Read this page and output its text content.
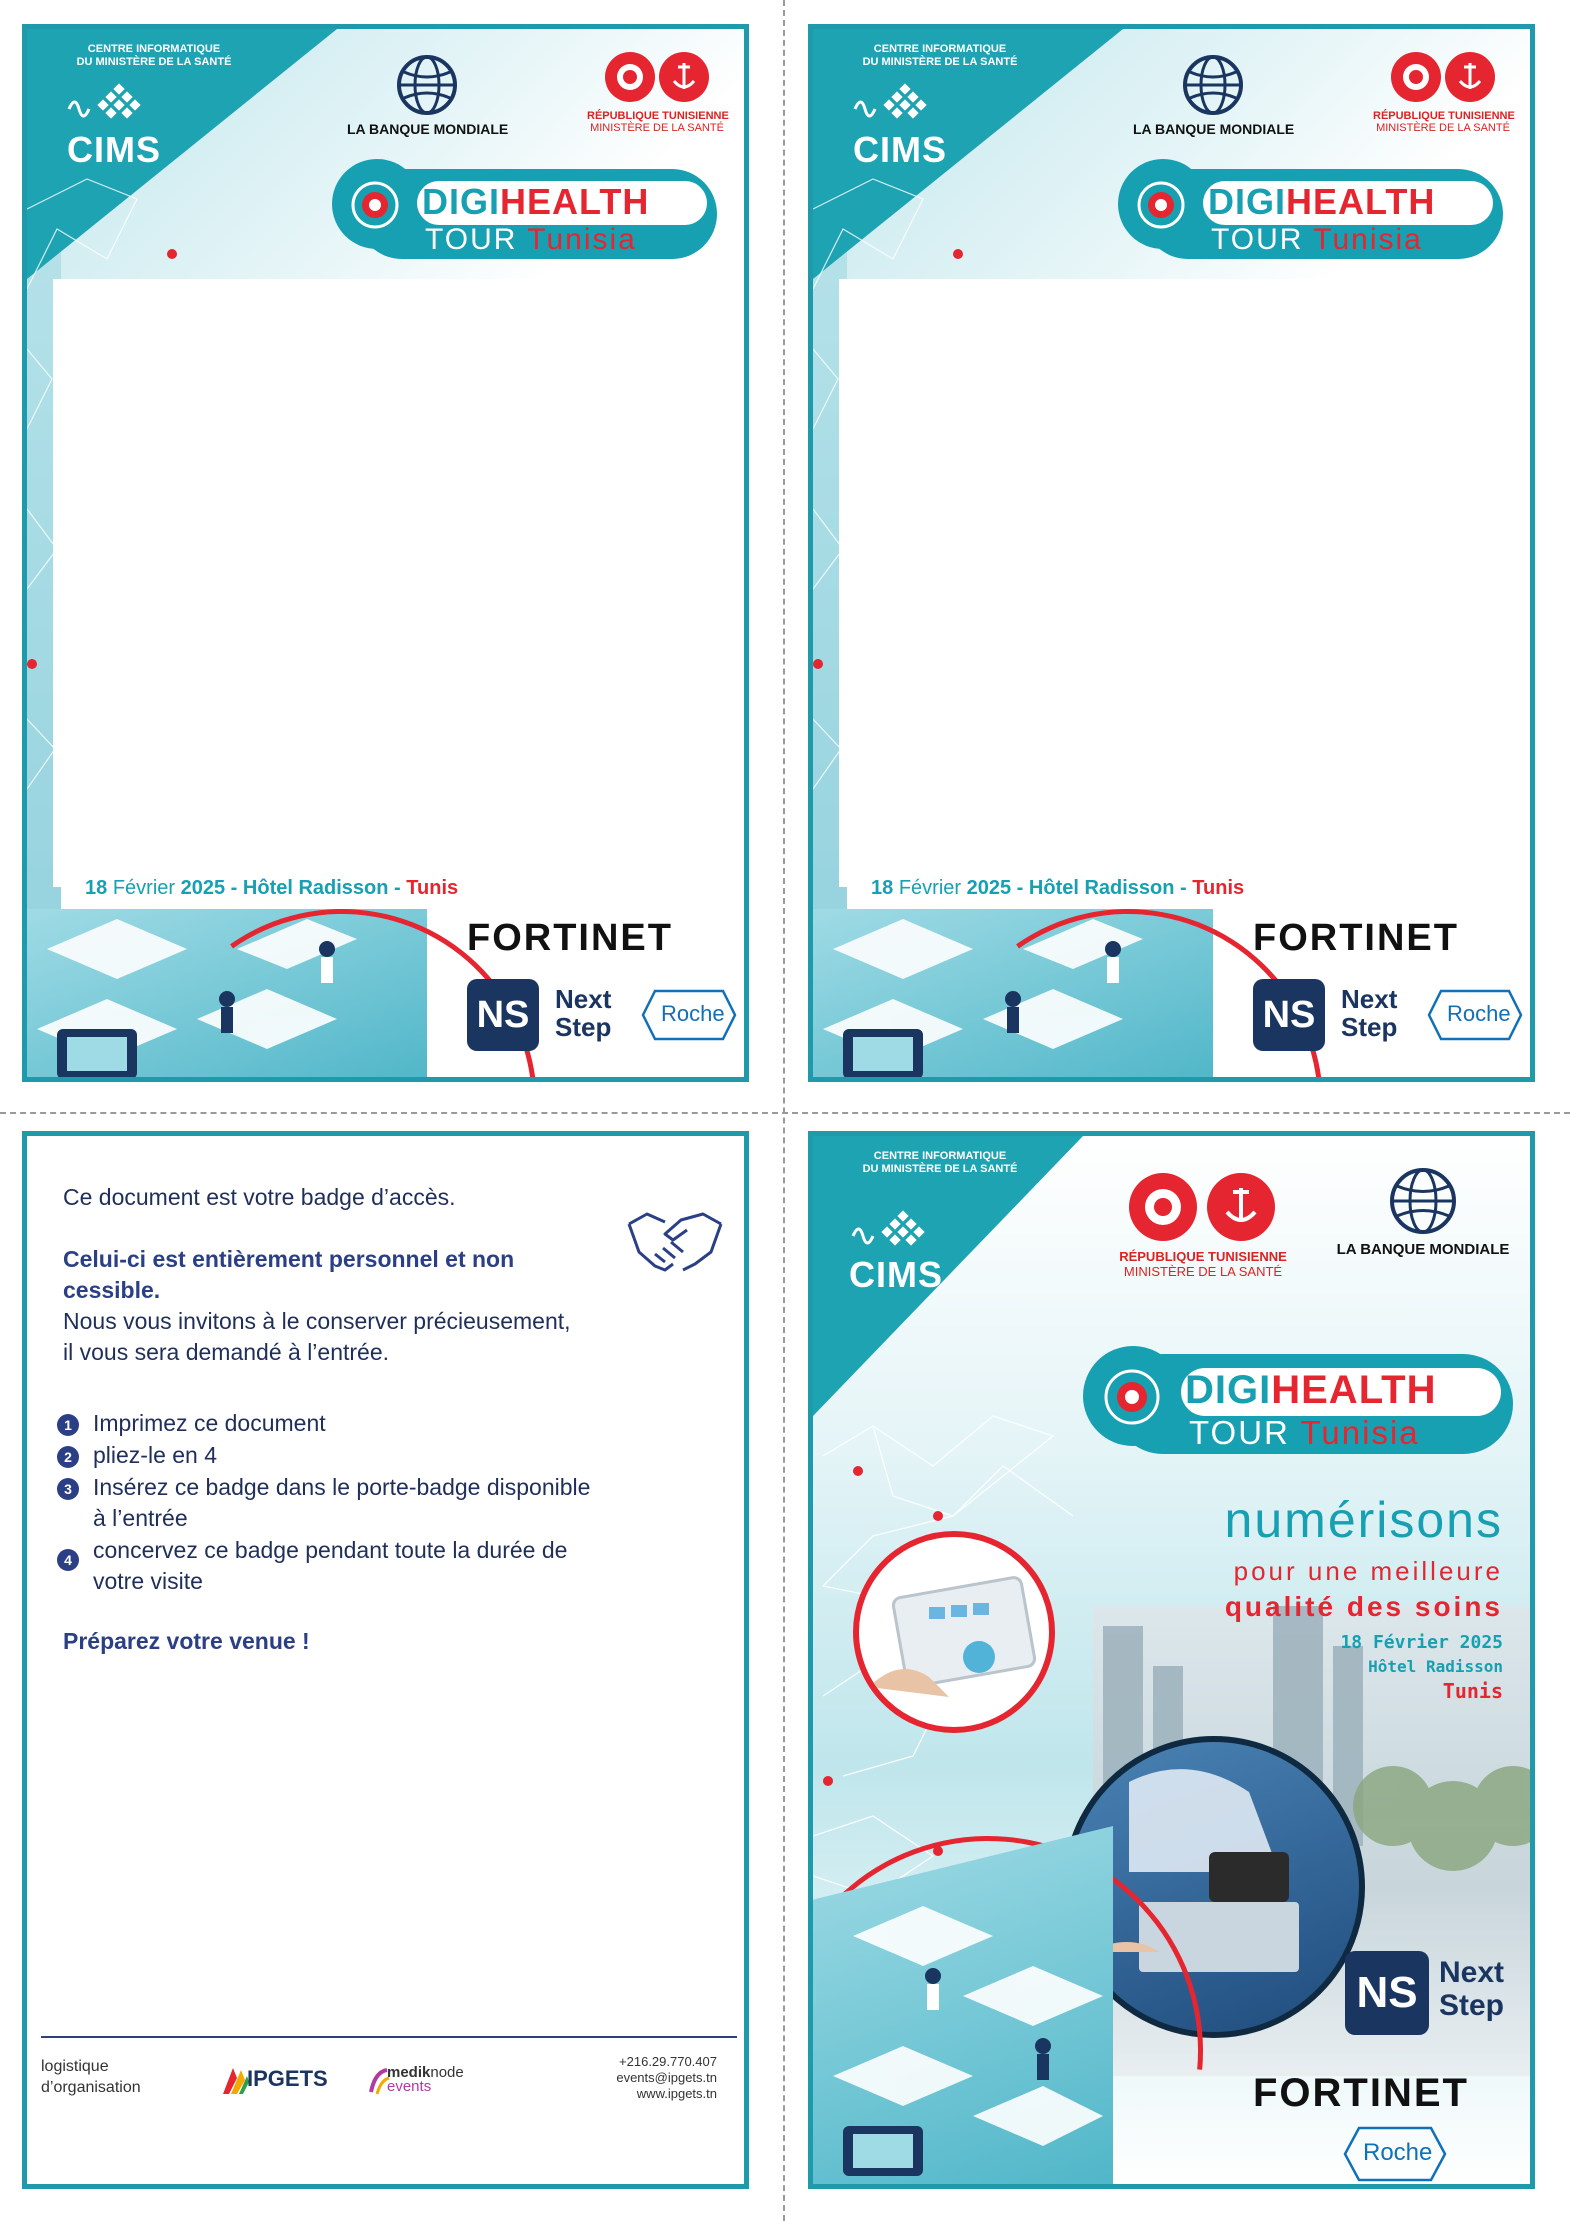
CENTRE INFORMATIQUE
DU MINISTÈRE DE LA SANTÉ
CIMS	LA BANQUE MONDIALE
RÉPUBLIQUE TUNISIENNE
MINISTÈRE DE LA SANTÉ
DIGIHEALTH
TOUR Tunisia
18 Février 2025 - Hôtel Radisson - Tunis
FORTINET
NS Next
Step Roche
CENTRE INFORMATIQUE
DU MINISTÈRE DE LA SANTÉ
CIMS	LA BANQUE MONDIALE
RÉPUBLIQUE TUNISIENNE
MINISTÈRE DE LA SANTÉ
DIGIHEALTH
TOUR Tunisia
18 Février 2025 - Hôtel Radisson - Tunis
FORTINET
NS Next
Step Roche
Ce document est votre badge d’accès.
Celui-ci est entièrement personnel et non
cessible.
Nous vous invitons à le conserver précieusement,
il vous sera demandé à l’entrée.
1 Imprimez ce document
2 pliez-le en 4
3 Insérez ce badge dans le porte-badge disponible
à l’entrée
4 concervez ce badge pendant toute la durée de
votre visite
Préparez votre venue !
logistique
d’organisation	IPGETS	mediknode
events
+216.29.770.407
events@ipgets.tn
www.ipgets.tn
CENTRE INFORMATIQUE
DU MINISTÈRE DE LA SANTÉ
CIMS	RÉPUBLIQUE TUNISIENNE
MINISTÈRE DE LA SANTÉ
LA BANQUE MONDIALE
DIGIHEALTH
TOUR Tunisia
numérisons
pour une meilleure
qualité des soins
18 Février 2025
Hôtel Radisson
Tunis
NS Next
Step
FORTINET
Roche
